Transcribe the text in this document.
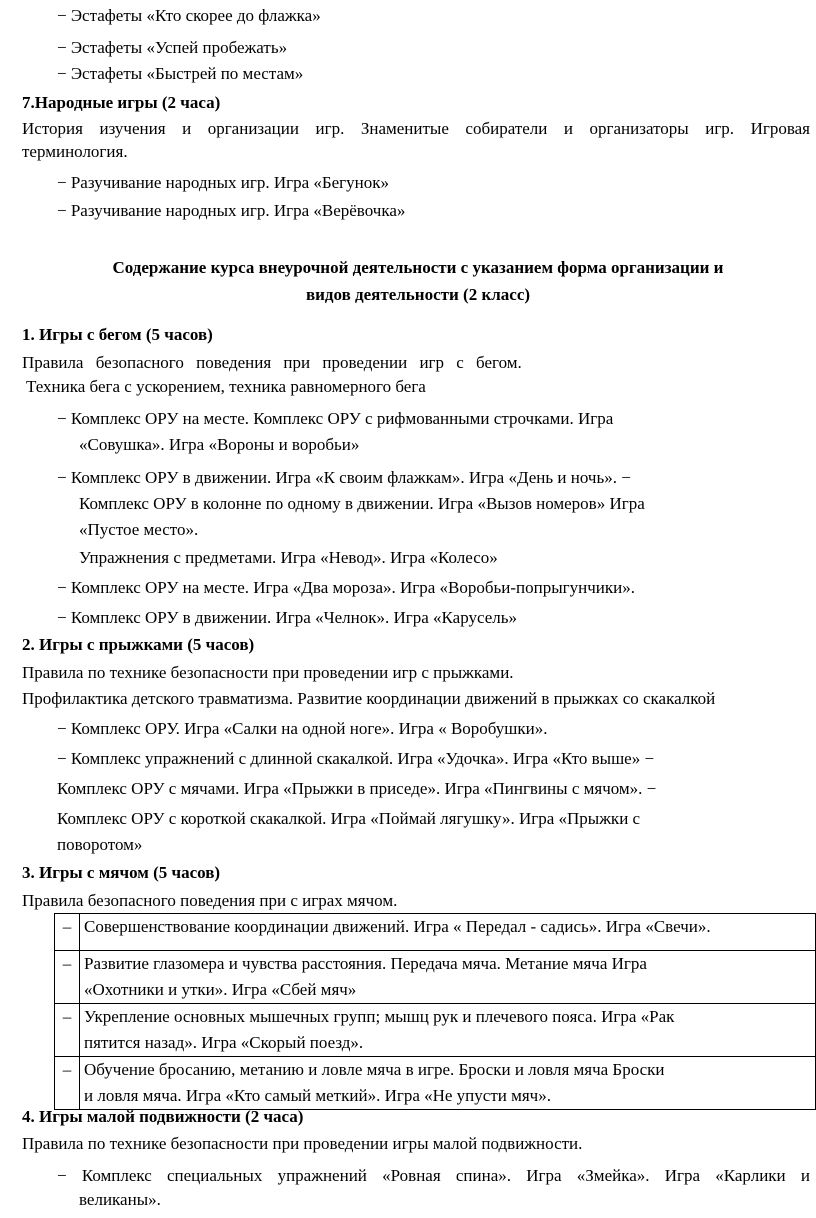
− Эстафеты «Кто скорее до флажка»
− Эстафеты «Успей пробежать»
− Эстафеты «Быстрей по местам»
7.Народные игры (2 часа)
История изучения и организации игр. Знаменитые собиратели и организаторы игр. Игровая
терминология.
− Разучивание народных игр. Игра «Бегунок»
− Разучивание народных игр. Игра «Верёвочка»
Содержание курса внеурочной деятельности с указанием форма организации и
видов деятельности (2 класс)
1. Игры с бегом (5 часов)
Правила безопасного поведения при проведении игр с бегом.
Техника бега с ускорением, техника равномерного бега
− Комплекс ОРУ на месте. Комплекс ОРУ с рифмованными строчками. Игра
«Совушка». Игра «Вороны и воробьи»
− Комплекс ОРУ в движении. Игра «К своим флажкам». Игра «День и ночь». −
Комплекс ОРУ в колонне по одному в движении. Игра «Вызов номеров» Игра
«Пустое место».
Упражнения с предметами. Игра «Невод». Игра «Колесо»
− Комплекс ОРУ на месте. Игра «Два мороза». Игра «Воробьи-попрыгунчики».
− Комплекс ОРУ в движении. Игра «Челнок». Игра «Карусель»
2. Игры с прыжками (5 часов)
Правила по технике безопасности при проведении игр с прыжками.
Профилактика детского травматизма. Развитие координации движений в прыжках со скакалкой
− Комплекс ОРУ. Игра «Салки на одной ноге». Игра « Воробушки».
− Комплекс упражнений с длинной скакалкой. Игра «Удочка». Игра «Кто выше» −
Комплекс ОРУ с мячами. Игра «Прыжки в приседе». Игра «Пингвины с мячом». −
Комплекс ОРУ с короткой скакалкой. Игра «Поймай лягушку». Игра «Прыжки с
поворотом»
3. Игры с мячом (5 часов)
Правила безопасного поведения при с играх мячом.
–	Совершенствование координации движений. Игра « Передал - садись». Игра «Свечи».

–	Развитие глазомера и чувства расстояния. Передача мяча. Метание мяча Игра
«Охотники и утки». Игра «Сбей мяч»

–	Укрепление основных мышечных групп; мышц рук и плечевого пояса. Игра «Рак
пятится назад». Игра «Скорый поезд».

–	Обучение бросанию, метанию и ловле мяча в игре. Броски и ловля мяча Броски
и ловля мяча. Игра «Кто самый меткий». Игра «Не упусти мяч».
4. Игры малой подвижности (2 часа)
Правила по технике безопасности при проведении игры малой подвижности.
− Комплекс специальных упражнений «Ровная спина». Игра «Змейка». Игра «Карлики и
великаны».
